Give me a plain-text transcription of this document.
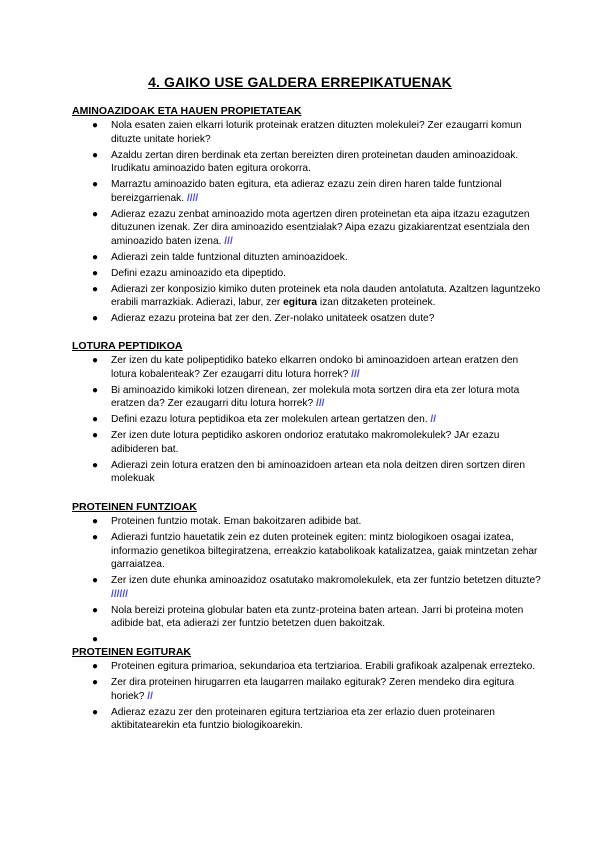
4. GAIKO USE GALDERA ERREPIKATUENAK
AMINOAZIDOAK ETA HAUEN PROPIETATEAK
● Nola esaten zaien elkarri loturik proteinak eratzen dituzten molekulei? Zer ezaugarri komun dituzte unitate horiek?
● Azaldu zertan diren berdinak eta zertan bereizten diren proteinetan dauden aminoazidoak. Irudikatu aminoazido baten egitura orokorra.
● Marraztu aminoazido baten egitura, eta adieraz ezazu zein diren haren talde funtzional bereizgarrienak. ////
● Adieraz ezazu zenbat aminoazido mota agertzen diren proteinetan eta aipa itzazu ezagutzen dituzunen izenak. Zer dira aminoazido esentzialak? Aipa ezazu gizakiarentzat esentziala den aminoazido baten izena. ///
● Adierazi zein talde funtzional dituzten aminoazidoek.
● Defini ezazu aminoazido eta dipeptido.
● Adierazi zer konposizio kimiko duten proteinek eta nola dauden antolatuta. Azaltzen laguntzeko erabili marrazkiak. Adierazi, labur, zer egitura izan ditzaketen proteinek.
● Adieraz ezazu proteina bat zer den. Zer-nolako unitateek osatzen dute?
LOTURA PEPTIDIKOA
● Zer izen du kate polipeptidiko bateko elkarren ondoko bi aminoazidoen artean eratzen den lotura kobalenteak? Zer ezaugarri ditu lotura horrek? ///
● Bi aminoazido kimikoki lotzen direnean, zer molekula mota sortzen dira eta zer lotura mota eratzen da? Zer ezaugarri ditu lotura horrek? ///
● Defini ezazu lotura peptidikoa eta zer molekulen artean gertatzen den. //
● Zer izen dute lotura peptidiko askoren ondorioz eratutako makromolekulek? JAr ezazu adibideren bat.
● Adierazi zein lotura eratzen den bi aminoazidoen artean eta nola deitzen diren sortzen diren molekuak
PROTEINEN FUNTZIOAK
● Proteinen funtzio motak. Eman bakoitzaren adibide bat.
● Adierazi funtzio hauetatik zein ez duten proteinek egiten: mintz biologikoen osagai izatea, informazio genetikoa biltegiratzena, erreakzio katabolikoak katalizatzea, gaiak mintzetan zehar garraiatzea.
● Zer izen dute ehunka aminoazidoz osatutako makromolekulek, eta zer funtzio betetzen dituzte? //////
● Nola bereizi proteina globular baten eta zuntz-proteina baten artean. Jarri bi proteina moten adibide bat, eta adierazi zer funtzio betetzen duen bakoitzak.
●
PROTEINEN EGITURAK
● Proteinen egitura primarioa, sekundarioa eta tertziarioa. Erabili grafikoak azalpenak errezteko.
● Zer dira proteinen hirugarren eta laugarren mailako egiturak? Zeren mendeko dira egitura horiek? //
● Adieraz ezazu zer den proteinaren egitura tertziarioa eta zer erlazio duen proteinaren aktibitatearekin eta funtzio biologikoarekin.
